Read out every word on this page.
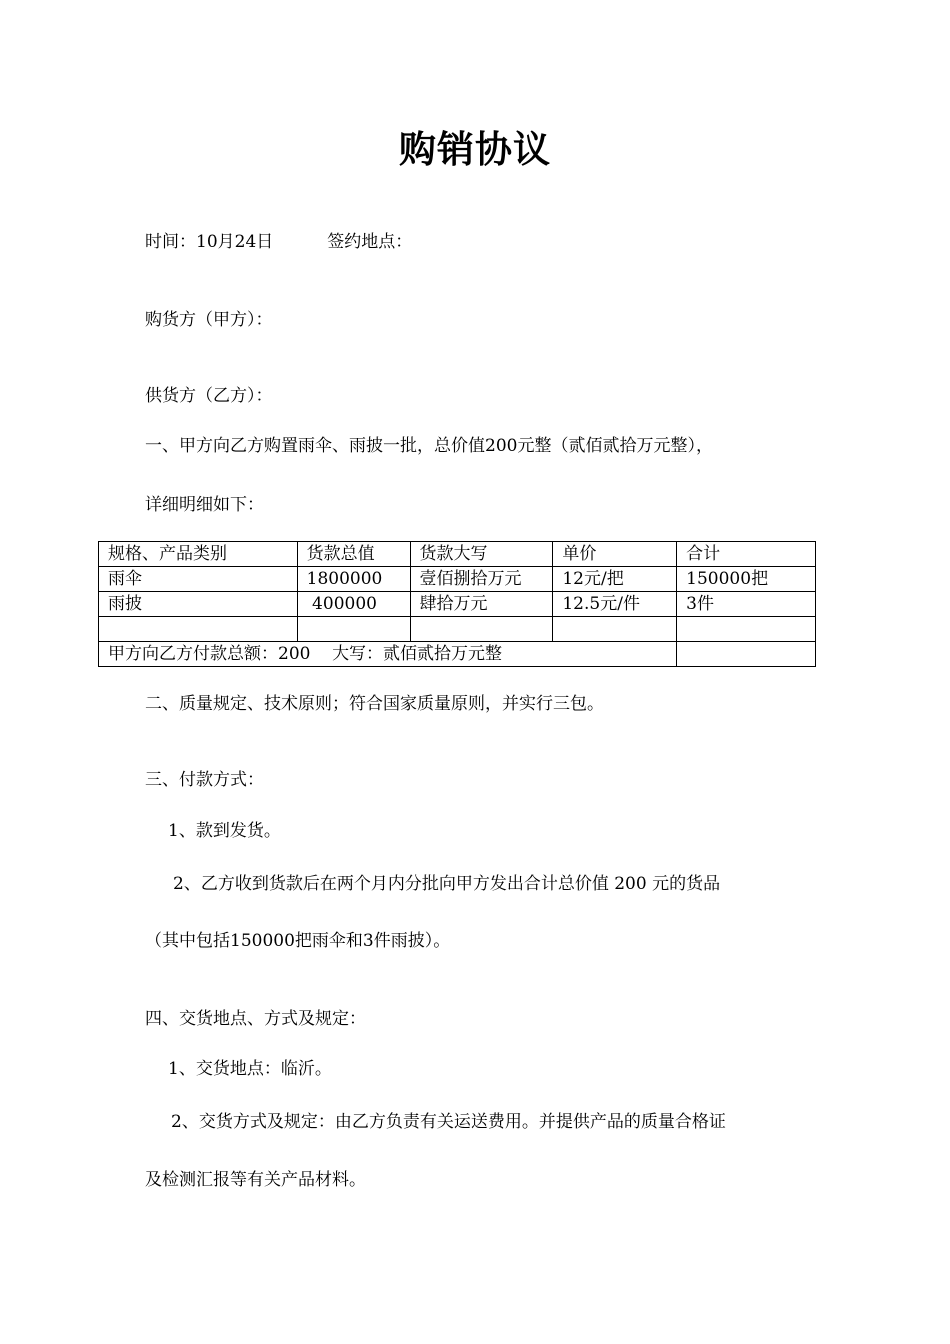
购销协议
时间：10月24日	签约地点：
购货方（甲方）：
供货方（乙方）：
一、甲方向乙方购置雨伞、雨披一批，总价值200元整（贰佰贰拾万元整），
详细明细如下：
规格、产品类别	货款总值	货款大写	单价	合计
雨伞	1800000	壹佰捌拾万元	12元/把	150000把
雨披	400000	肆拾万元	12.5元/件	3件

甲方向乙方付款总额：200    大写：贰佰贰拾万元整				
二、质量规定、技术原则；符合国家质量原则，并实行三包。
三、付款方式：
1、款到发货。
2、乙方收到货款后在两个月内分批向甲方发出合计总价值 200 元的货品
（其中包括150000把雨伞和3件雨披）。
四、交货地点、方式及规定：
1、交货地点：临沂。
2、交货方式及规定：由乙方负责有关运送费用。并提供产品的质量合格证
及检测汇报等有关产品材料。
